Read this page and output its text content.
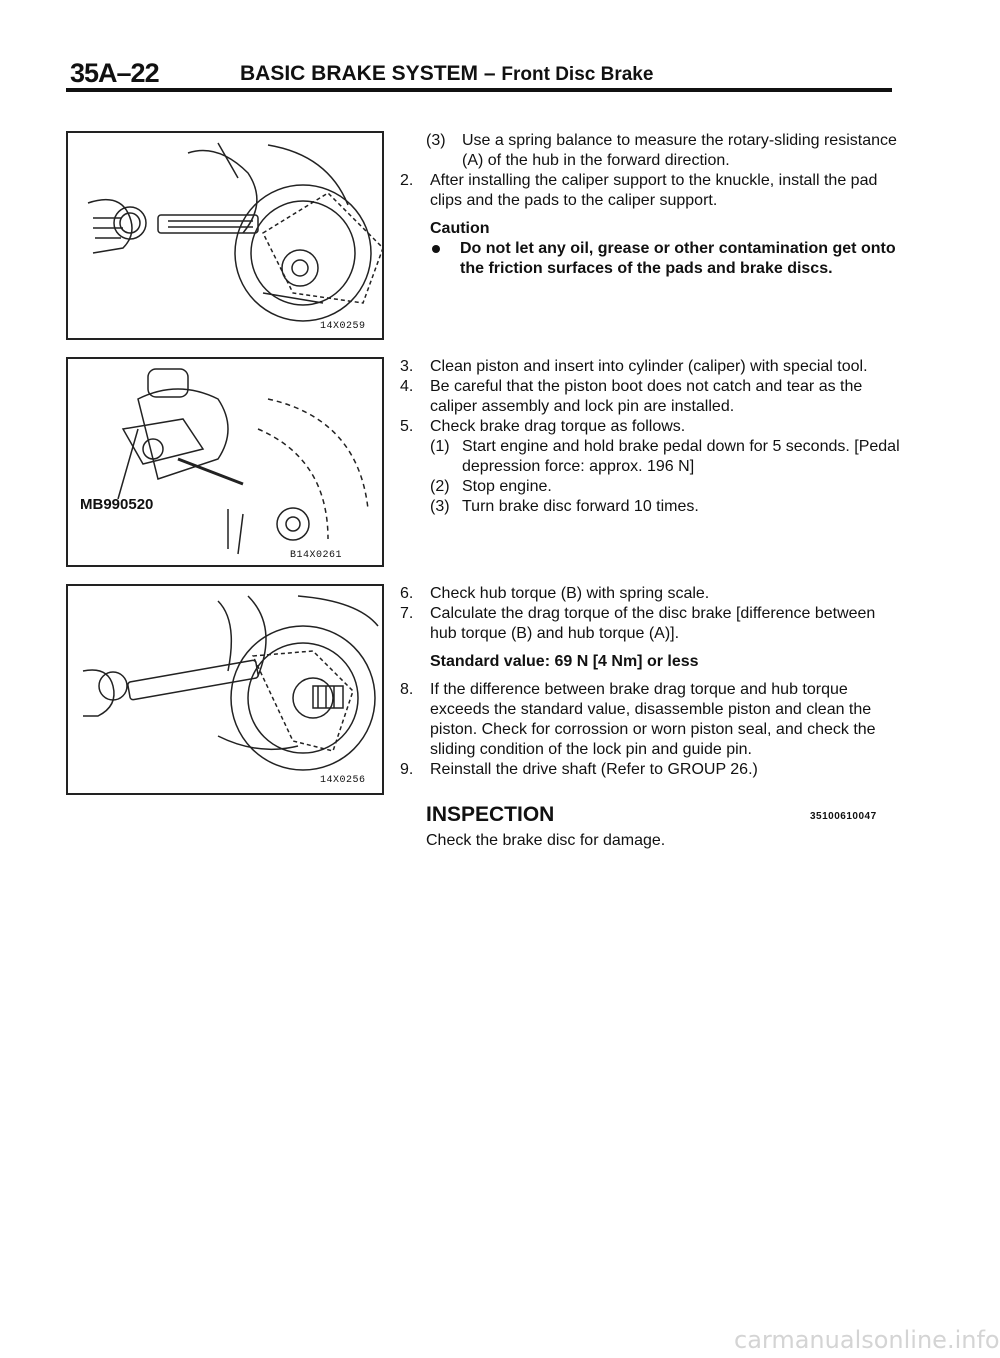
35A–22	BASIC BRAKE SYSTEM – Front Disc Brake
14X0259
MB990520
B14X0261
14X0256
(3) Use a spring balance to measure the rotary-sliding resistance (A) of the hub in the forward direction.
2. After installing the caliper support to the knuckle, install the pad clips and the pads to the caliper support.
Caution
Do not let any oil, grease or other contamination get onto the friction surfaces of the pads and brake discs.
3. Clean piston and insert into cylinder (caliper) with special tool.
4. Be careful that the piston boot does not catch and tear as the caliper assembly and lock pin are installed.
5. Check brake drag torque as follows.
(1) Start engine and hold brake pedal down for 5 seconds. [Pedal depression force: approx. 196 N]
(2) Stop engine.
(3) Turn brake disc forward 10 times.
6. Check hub torque (B) with spring scale.
7. Calculate the drag torque of the disc brake [difference between hub torque (B) and hub torque (A)].
Standard value: 69 N [4 Nm] or less
8. If the difference between brake drag torque and hub torque exceeds the standard value, disassemble piston and clean the piston. Check for corrossion or worn piston seal, and check the sliding condition of the lock pin and guide pin.
9. Reinstall the drive shaft (Refer to GROUP 26.)
INSPECTION	35100610047
Check the brake disc for damage.
carmanualsonline.info
